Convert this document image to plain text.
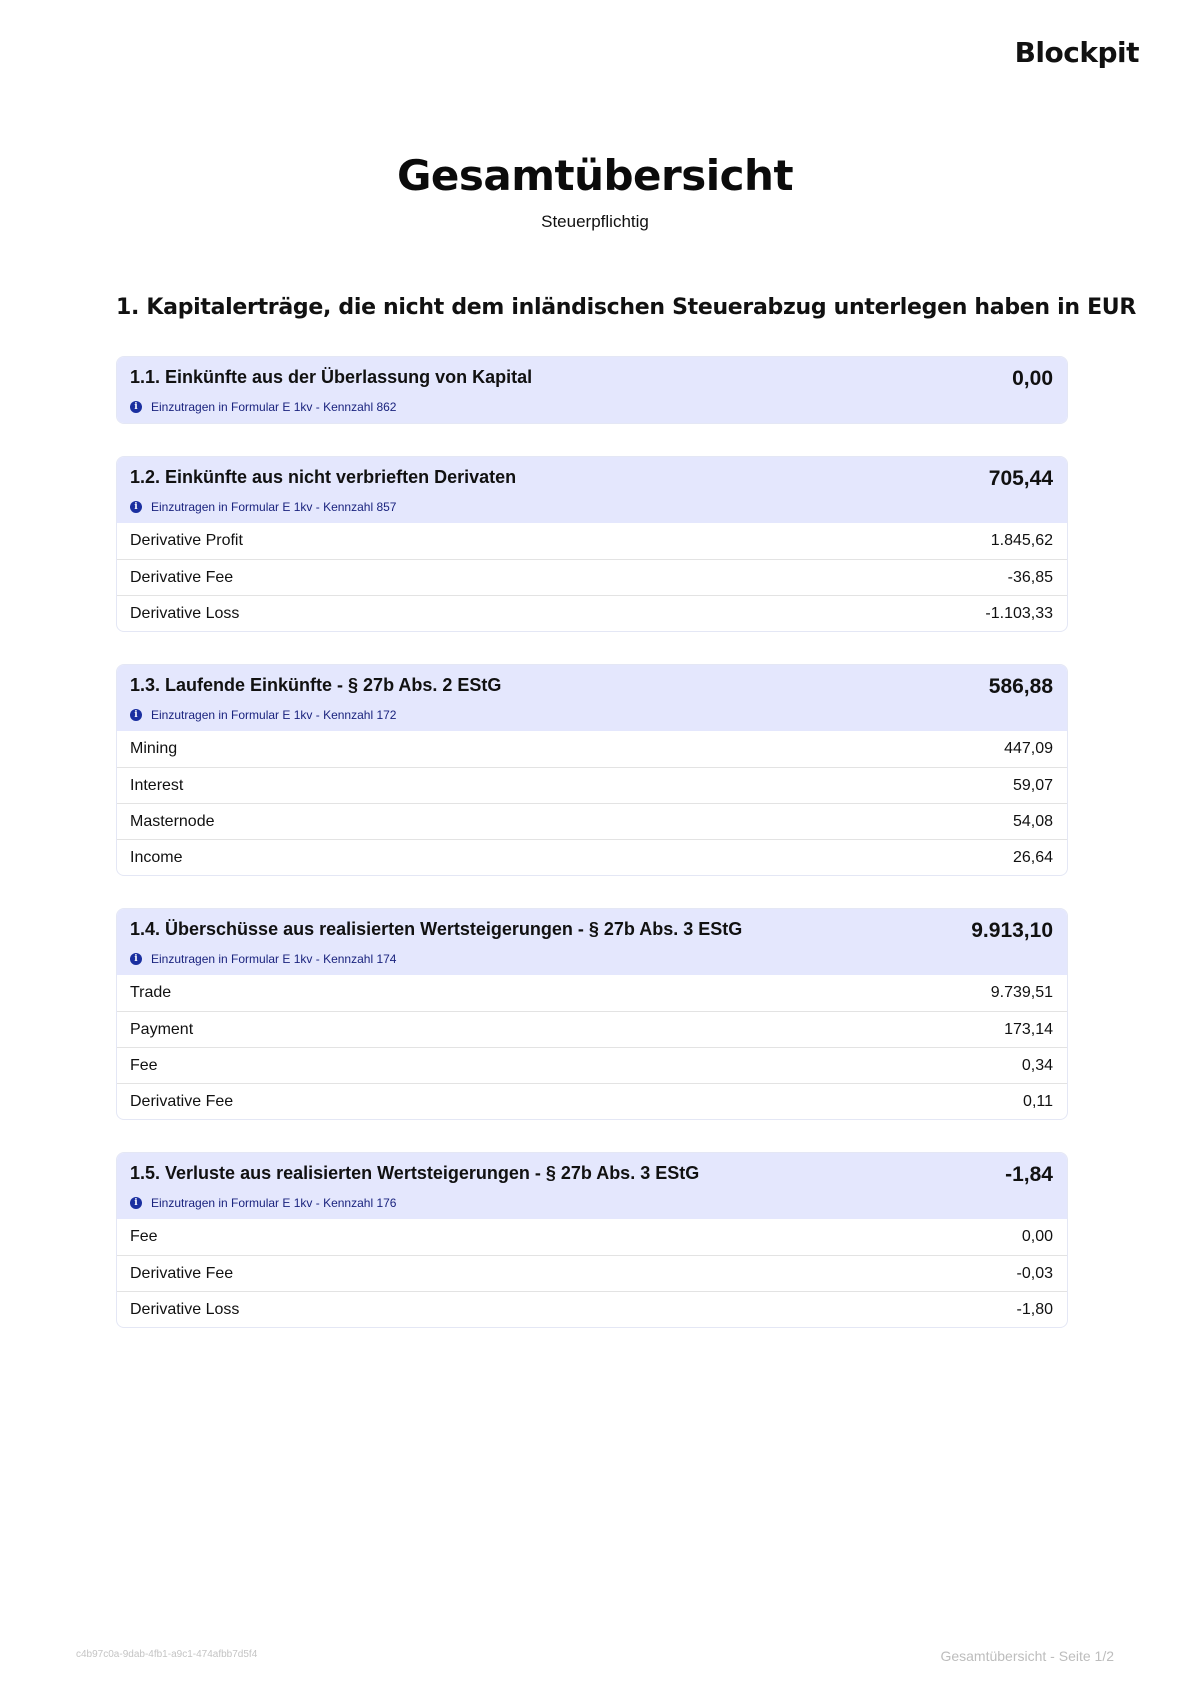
Blockpit
Gesamtübersicht
Steuerpflichtig
1. Kapitalerträge, die nicht dem inländischen Steuerabzug unterlegen haben in EUR
1.1. Einkünfte aus der Überlassung von Kapital	0,00
i	Einzutragen in Formular E 1kv - Kennzahl 862
1.2. Einkünfte aus nicht verbrieften Derivaten	705,44
i	Einzutragen in Formular E 1kv - Kennzahl 857
Derivative Profit	1.845,62
Derivative Fee	-36,85
Derivative Loss	-1.103,33
1.3. Laufende Einkünfte - § 27b Abs. 2 EStG	586,88
i	Einzutragen in Formular E 1kv - Kennzahl 172
Mining	447,09
Interest	59,07
Masternode	54,08
Income	26,64
1.4. Überschüsse aus realisierten Wertsteigerungen - § 27b Abs. 3 EStG	9.913,10
i	Einzutragen in Formular E 1kv - Kennzahl 174
Trade	9.739,51
Payment	173,14
Fee	0,34
Derivative Fee	0,11
1.5. Verluste aus realisierten Wertsteigerungen - § 27b Abs. 3 EStG	-1,84
i	Einzutragen in Formular E 1kv - Kennzahl 176
Fee	0,00
Derivative Fee	-0,03
Derivative Loss	-1,80
c4b97c0a-9dab-4fb1-a9c1-474afbb7d5f4	Gesamtübersicht - Seite 1/2
